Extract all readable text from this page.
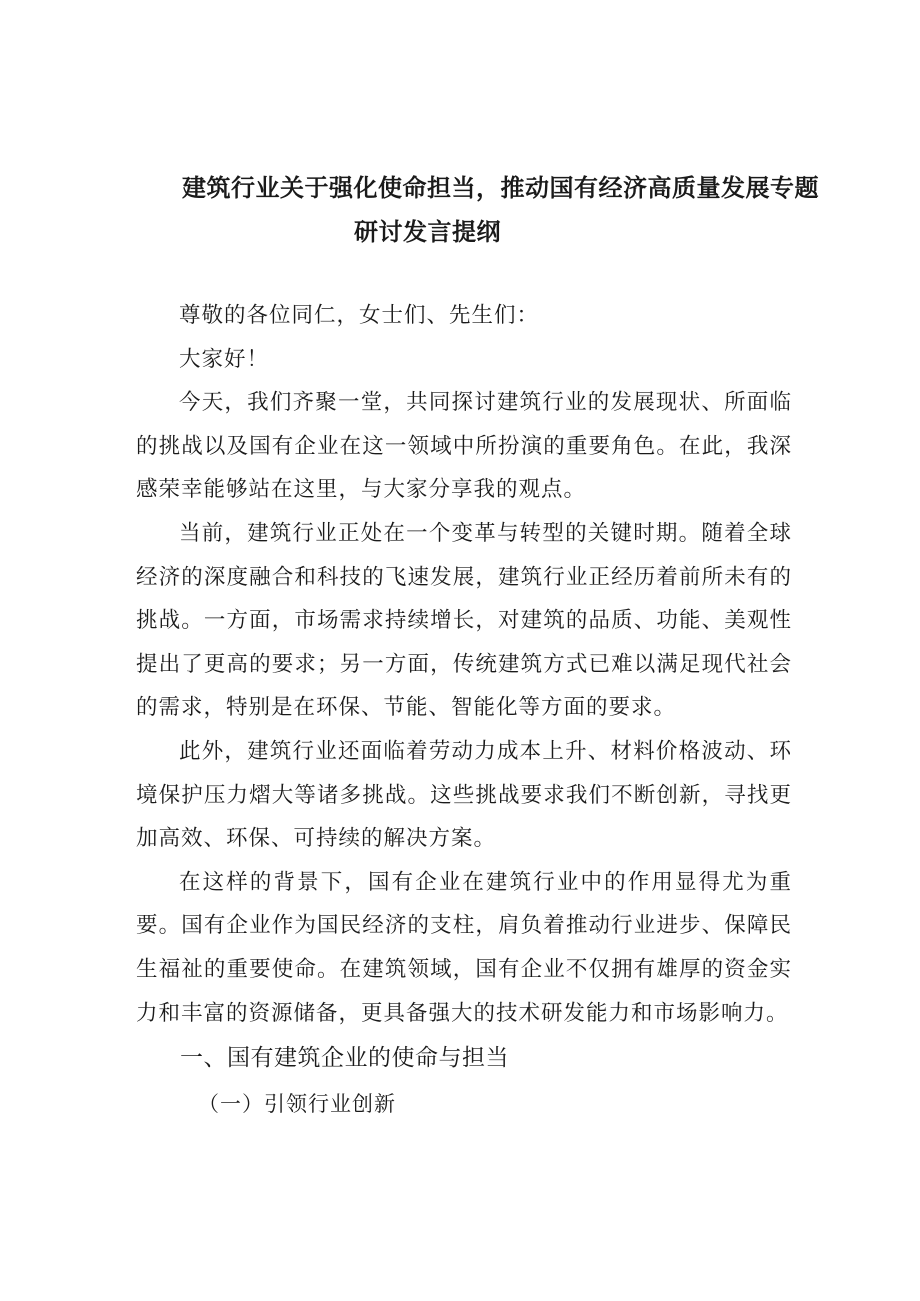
建筑行业关于强化使命担当，推动国有经济高质量发展专题
研讨发言提纲

尊敬的各位同仁，女士们、先生们：

大家好！

今天，我们齐聚一堂，共同探讨建筑行业的发展现状、所面临的挑战以及国有企业在这一领域中所扮演的重要角色。在此，我深感荣幸能够站在这里，与大家分享我的观点。

当前，建筑行业正处在一个变革与转型的关键时期。随着全球经济的深度融合和科技的飞速发展，建筑行业正经历着前所未有的挑战。一方面，市场需求持续增长，对建筑的品质、功能、美观性提出了更高的要求；另一方面，传统建筑方式已难以满足现代社会的需求，特别是在环保、节能、智能化等方面的要求。

此外，建筑行业还面临着劳动力成本上升、材料价格波动、环境保护压力熠大等诸多挑战。这些挑战要求我们不断创新，寻找更加高效、环保、可持续的解决方案。

在这样的背景下，国有企业在建筑行业中的作用显得尤为重要。国有企业作为国民经济的支柱，肩负着推动行业进步、保障民生福祉的重要使命。在建筑领域，国有企业不仅拥有雄厚的资金实力和丰富的资源储备，更具备强大的技术研发能力和市场影响力。

一、国有建筑企业的使命与担当
（一）引领行业创新
